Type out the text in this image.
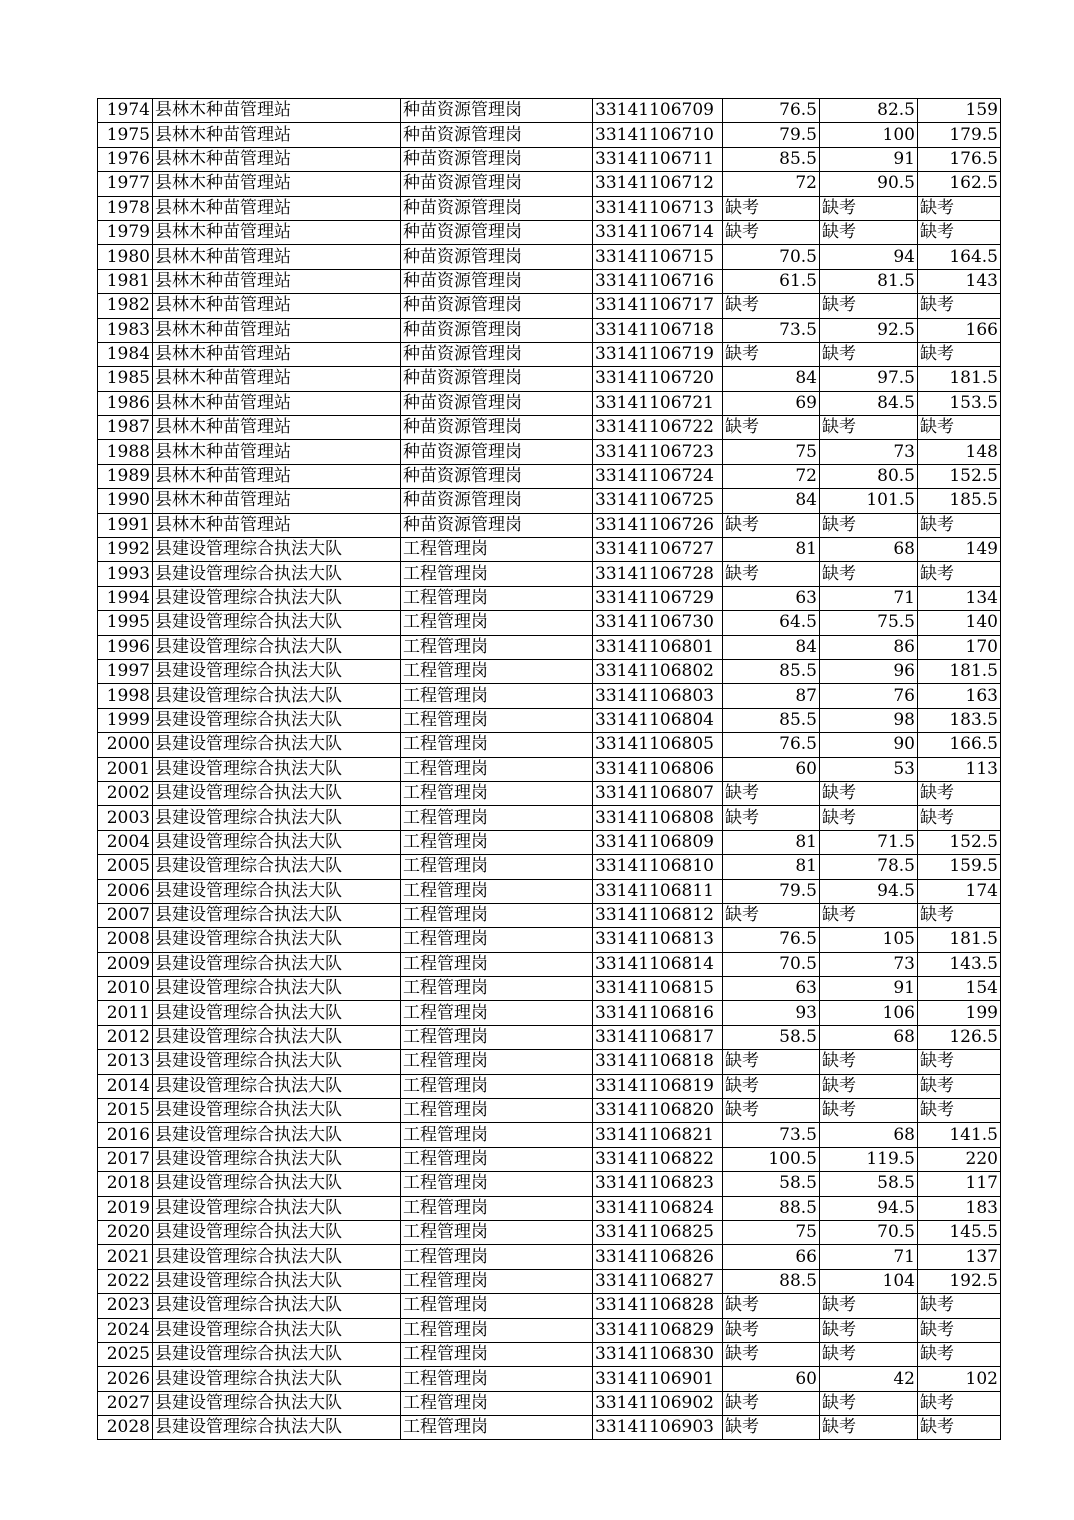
1974	县林木种苗管理站	种苗资源管理岗	33141106709	76.5	82.5	159
1975	县林木种苗管理站	种苗资源管理岗	33141106710	79.5	100	179.5
1976	县林木种苗管理站	种苗资源管理岗	33141106711	85.5	91	176.5
1977	县林木种苗管理站	种苗资源管理岗	33141106712	72	90.5	162.5
1978	县林木种苗管理站	种苗资源管理岗	33141106713	缺考	缺考	缺考
1979	县林木种苗管理站	种苗资源管理岗	33141106714	缺考	缺考	缺考
1980	县林木种苗管理站	种苗资源管理岗	33141106715	70.5	94	164.5
1981	县林木种苗管理站	种苗资源管理岗	33141106716	61.5	81.5	143
1982	县林木种苗管理站	种苗资源管理岗	33141106717	缺考	缺考	缺考
1983	县林木种苗管理站	种苗资源管理岗	33141106718	73.5	92.5	166
1984	县林木种苗管理站	种苗资源管理岗	33141106719	缺考	缺考	缺考
1985	县林木种苗管理站	种苗资源管理岗	33141106720	84	97.5	181.5
1986	县林木种苗管理站	种苗资源管理岗	33141106721	69	84.5	153.5
1987	县林木种苗管理站	种苗资源管理岗	33141106722	缺考	缺考	缺考
1988	县林木种苗管理站	种苗资源管理岗	33141106723	75	73	148
1989	县林木种苗管理站	种苗资源管理岗	33141106724	72	80.5	152.5
1990	县林木种苗管理站	种苗资源管理岗	33141106725	84	101.5	185.5
1991	县林木种苗管理站	种苗资源管理岗	33141106726	缺考	缺考	缺考
1992	县建设管理综合执法大队	工程管理岗	33141106727	81	68	149
1993	县建设管理综合执法大队	工程管理岗	33141106728	缺考	缺考	缺考
1994	县建设管理综合执法大队	工程管理岗	33141106729	63	71	134
1995	县建设管理综合执法大队	工程管理岗	33141106730	64.5	75.5	140
1996	县建设管理综合执法大队	工程管理岗	33141106801	84	86	170
1997	县建设管理综合执法大队	工程管理岗	33141106802	85.5	96	181.5
1998	县建设管理综合执法大队	工程管理岗	33141106803	87	76	163
1999	县建设管理综合执法大队	工程管理岗	33141106804	85.5	98	183.5
2000	县建设管理综合执法大队	工程管理岗	33141106805	76.5	90	166.5
2001	县建设管理综合执法大队	工程管理岗	33141106806	60	53	113
2002	县建设管理综合执法大队	工程管理岗	33141106807	缺考	缺考	缺考
2003	县建设管理综合执法大队	工程管理岗	33141106808	缺考	缺考	缺考
2004	县建设管理综合执法大队	工程管理岗	33141106809	81	71.5	152.5
2005	县建设管理综合执法大队	工程管理岗	33141106810	81	78.5	159.5
2006	县建设管理综合执法大队	工程管理岗	33141106811	79.5	94.5	174
2007	县建设管理综合执法大队	工程管理岗	33141106812	缺考	缺考	缺考
2008	县建设管理综合执法大队	工程管理岗	33141106813	76.5	105	181.5
2009	县建设管理综合执法大队	工程管理岗	33141106814	70.5	73	143.5
2010	县建设管理综合执法大队	工程管理岗	33141106815	63	91	154
2011	县建设管理综合执法大队	工程管理岗	33141106816	93	106	199
2012	县建设管理综合执法大队	工程管理岗	33141106817	58.5	68	126.5
2013	县建设管理综合执法大队	工程管理岗	33141106818	缺考	缺考	缺考
2014	县建设管理综合执法大队	工程管理岗	33141106819	缺考	缺考	缺考
2015	县建设管理综合执法大队	工程管理岗	33141106820	缺考	缺考	缺考
2016	县建设管理综合执法大队	工程管理岗	33141106821	73.5	68	141.5
2017	县建设管理综合执法大队	工程管理岗	33141106822	100.5	119.5	220
2018	县建设管理综合执法大队	工程管理岗	33141106823	58.5	58.5	117
2019	县建设管理综合执法大队	工程管理岗	33141106824	88.5	94.5	183
2020	县建设管理综合执法大队	工程管理岗	33141106825	75	70.5	145.5
2021	县建设管理综合执法大队	工程管理岗	33141106826	66	71	137
2022	县建设管理综合执法大队	工程管理岗	33141106827	88.5	104	192.5
2023	县建设管理综合执法大队	工程管理岗	33141106828	缺考	缺考	缺考
2024	县建设管理综合执法大队	工程管理岗	33141106829	缺考	缺考	缺考
2025	县建设管理综合执法大队	工程管理岗	33141106830	缺考	缺考	缺考
2026	县建设管理综合执法大队	工程管理岗	33141106901	60	42	102
2027	县建设管理综合执法大队	工程管理岗	33141106902	缺考	缺考	缺考
2028	县建设管理综合执法大队	工程管理岗	33141106903	缺考	缺考	缺考
